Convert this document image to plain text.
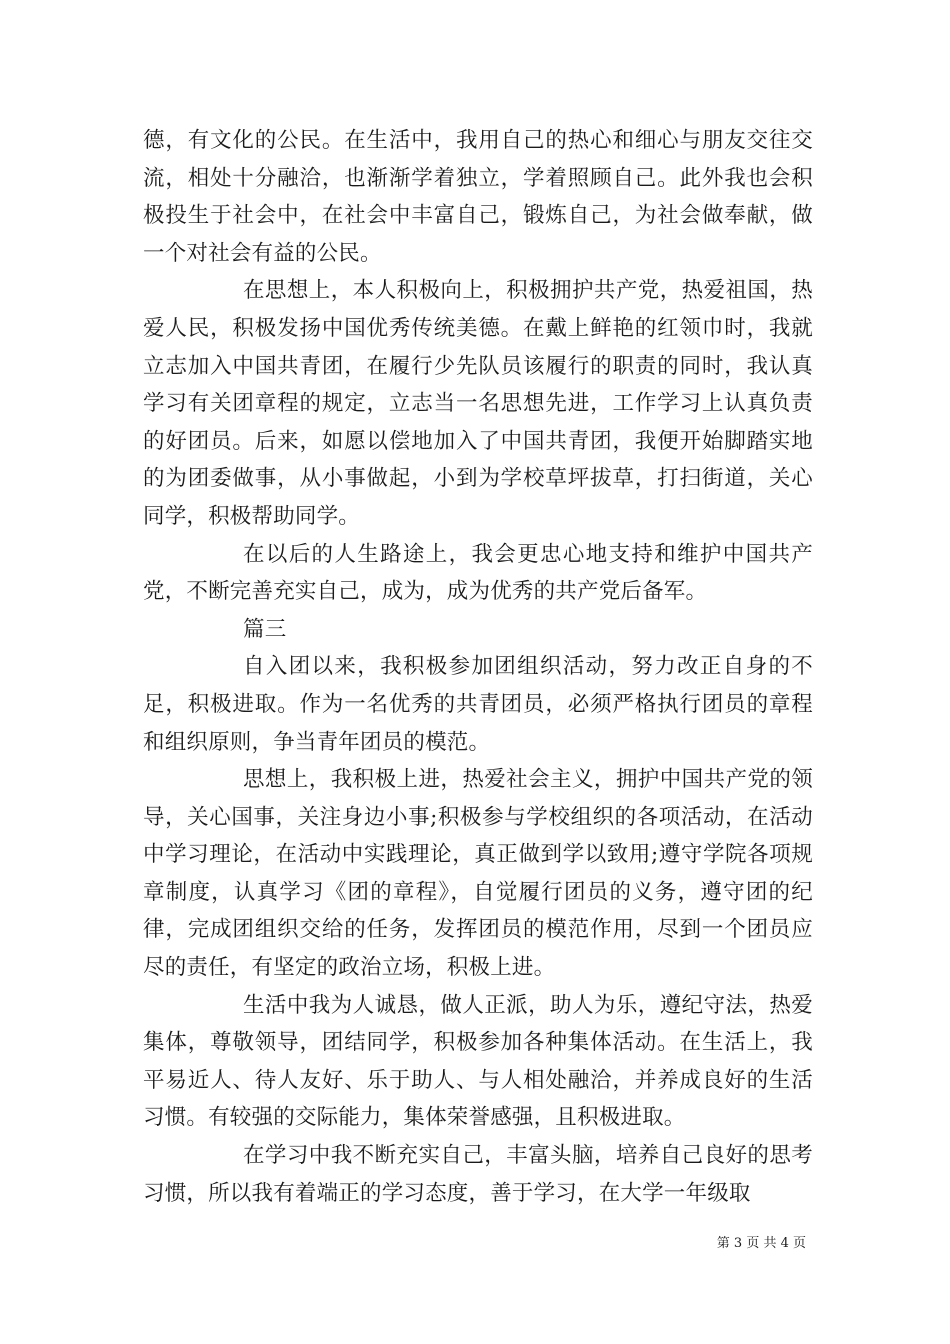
德，有文化的公民。在生活中，我用自己的热心和细心与朋友交往交流，相处十分融洽，也渐渐学着独立，学着照顾自己。此外我也会积极投生于社会中，在社会中丰富自己，锻炼自己，为社会做奉献，做一个对社会有益的公民。

在思想上，本人积极向上，积极拥护共产党，热爱祖国，热爱人民，积极发扬中国优秀传统美德。在戴上鲜艳的红领巾时，我就立志加入中国共青团，在履行少先队员该履行的职责的同时，我认真学习有关团章程的规定，立志当一名思想先进，工作学习上认真负责的好团员。后来，如愿以偿地加入了中国共青团，我便开始脚踏实地的为团委做事，从小事做起，小到为学校草坪拔草，打扫街道，关心同学，积极帮助同学。

在以后的人生路途上，我会更忠心地支持和维护中国共产党，不断完善充实自己，成为，成为优秀的共产党后备军。

篇三

自入团以来，我积极参加团组织活动，努力改正自身的不足，积极进取。作为一名优秀的共青团员，必须严格执行团员的章程和组织原则，争当青年团员的模范。

思想上，我积极上进，热爱社会主义，拥护中国共产党的领导，关心国事，关注身边小事;积极参与学校组织的各项活动，在活动中学习理论，在活动中实践理论，真正做到学以致用;遵守学院各项规章制度，认真学习《团的章程》，自觉履行团员的义务，遵守团的纪律，完成团组织交给的任务，发挥团员的模范作用，尽到一个团员应尽的责任，有坚定的政治立场，积极上进。

生活中我为人诚恳，做人正派，助人为乐，遵纪守法，热爱集体，尊敬领导，团结同学，积极参加各种集体活动。在生活上，我平易近人、待人友好、乐于助人、与人相处融洽，并养成良好的生活习惯。有较强的交际能力，集体荣誉感强，且积极进取。

在学习中我不断充实自己，丰富头脑，培养自己良好的思考习惯，所以我有着端正的学习态度，善于学习，在大学一年级取

第 3 页 共 4 页
